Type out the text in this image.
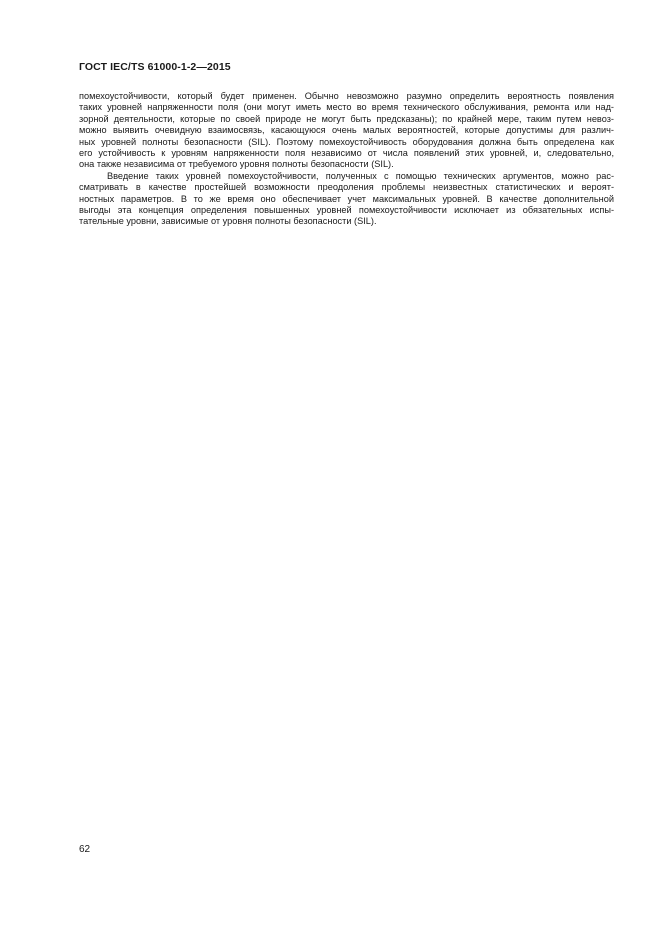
ГОСТ IEC/TS 61000-1-2—2015
помехоустойчивости, который будет применен. Обычно невозможно разумно определить вероятность появления
таких уровней напряженности поля (они могут иметь место во время технического обслуживания, ремонта или над-
зорной деятельности, которые по своей природе не могут быть предсказаны); по крайней мере, таким путем невоз-
можно выявить очевидную взаимосвязь, касающуюся очень малых вероятностей, которые допустимы для различ-
ных уровней полноты безопасности (SIL). Поэтому помехоустойчивость оборудования должна быть определена как
его устойчивость к уровням напряженности поля независимо от числа появлений этих уровней, и, следовательно,
она также независима от требуемого уровня полноты безопасности (SIL).
Введение таких уровней помехоустойчивости, полученных с помощью технических аргументов, можно рас-
сматривать в качестве простейшей возможности преодоления проблемы неизвестных статистических и вероят-
ностных параметров. В то же время оно обеспечивает учет максимальных уровней. В качестве дополнительной
выгоды эта концепция определения повышенных уровней помехоустойчивости исключает из обязательных испы-
тательные уровни, зависимые от уровня полноты безопасности (SIL).
62
